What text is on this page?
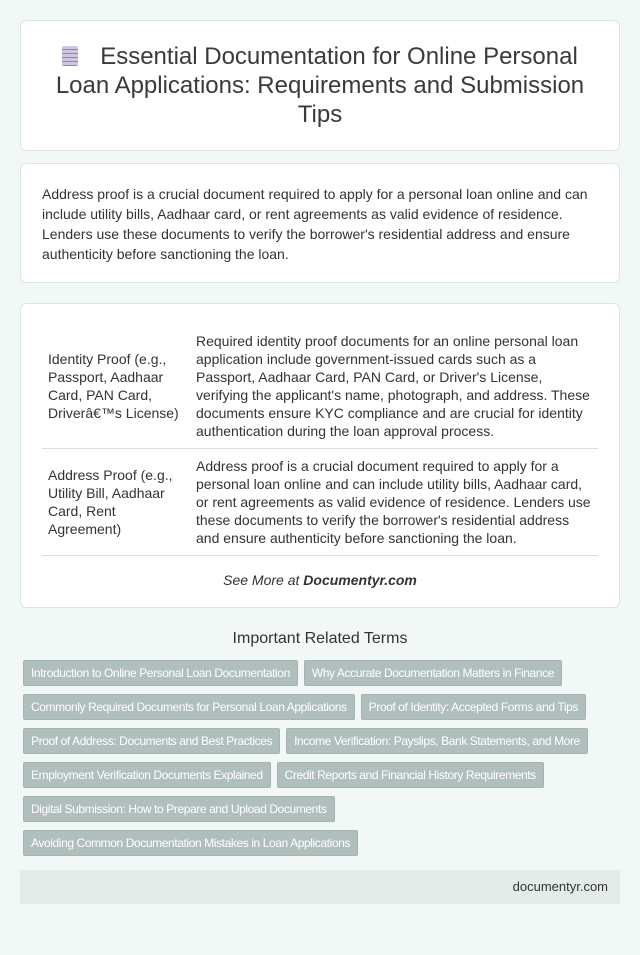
Essential Documentation for Online Personal Loan Applications: Requirements and Submission Tips

Address proof is a crucial document required to apply for a personal loan online and can include utility bills, Aadhaar card, or rent agreements as valid evidence of residence. Lenders use these documents to verify the borrower's residential address and ensure authenticity before sanctioning the loan.

Identity Proof (e.g., Passport, Aadhaar Card, PAN Card, Driverâ€™s License)	Required identity proof documents for an online personal loan application include government-issued cards such as a Passport, Aadhaar Card, PAN Card, or Driver's License, verifying the applicant's name, photograph, and address. These documents ensure KYC compliance and are crucial for identity authentication during the loan approval process.
Address Proof (e.g., Utility Bill, Aadhaar Card, Rent Agreement)	Address proof is a crucial document required to apply for a personal loan online and can include utility bills, Aadhaar card, or rent agreements as valid evidence of residence. Lenders use these documents to verify the borrower's residential address and ensure authenticity before sanctioning the loan.
See More at Documentyr.com
Important Related Terms
Introduction to Online Personal Loan Documentation	Why Accurate Documentation Matters in Finance
Commonly Required Documents for Personal Loan Applications	Proof of Identity: Accepted Forms and Tips
Proof of Address: Documents and Best Practices	Income Verification: Payslips, Bank Statements, and More
Employment Verification Documents Explained	Credit Reports and Financial History Requirements
Digital Submission: How to Prepare and Upload Documents
Avoiding Common Documentation Mistakes in Loan Applications
documentyr.com
